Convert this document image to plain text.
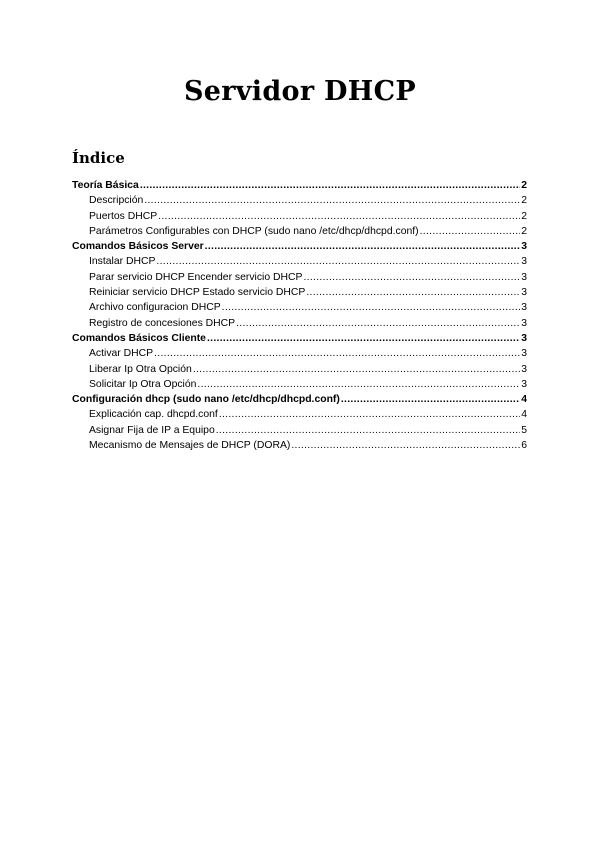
Servidor DHCP
Índice
Teoría Básica .....	2
Descripción .....	2
Puertos DHCP .....	2
Parámetros Configurables con DHCP (sudo nano /etc/dhcp/dhcpd.conf) .....	2
Comandos Básicos Server .....	3
Instalar DHCP .....	3
Parar servicio DHCP Encender servicio DHCP .....	3
Reiniciar servicio DHCP Estado servicio DHCP .....	3
Archivo configuracion DHCP .....	3
Registro de concesiones DHCP .....	3
Comandos Básicos Cliente .....	3
Activar DHCP .....	3
Liberar Ip Otra Opción .....	3
Solicitar Ip Otra Opción .....	3
Configuración dhcp (sudo nano /etc/dhcp/dhcpd.conf) .....	4
Explicación cap. dhcpd.conf .....	4
Asignar Fija de IP a Equipo .....	5
Mecanismo de Mensajes de DHCP (DORA) .....	6
